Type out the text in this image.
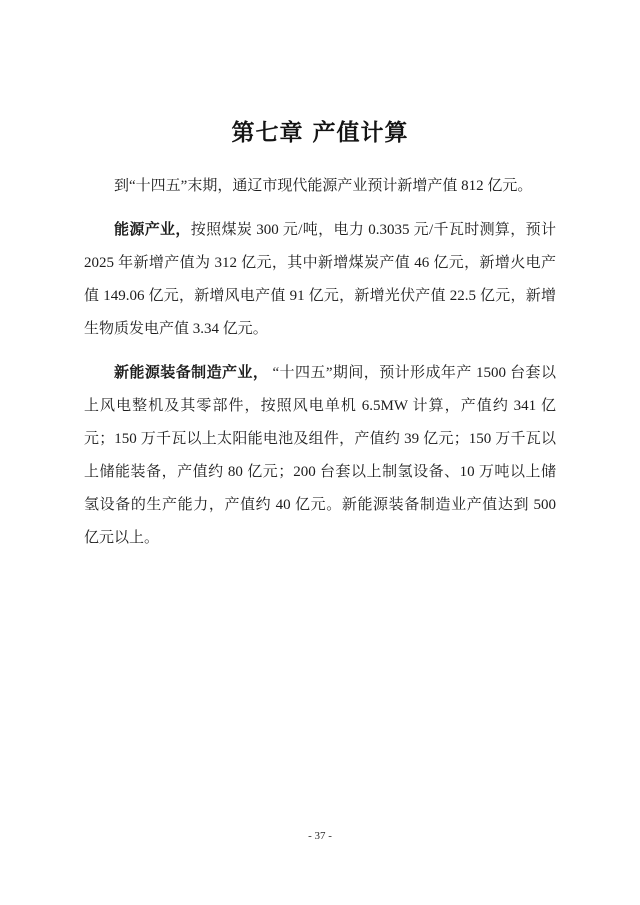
第七章 产值计算

到“十四五”末期，通辽市现代能源产业预计新增产值 812 亿元。

能源产业，按照煤炭 300 元/吨，电力 0.3035 元/千瓦时测算，预计 2025 年新增产值为 312 亿元，其中新增煤炭产值 46 亿元，新增火电产值 149.06 亿元，新增风电产值 91 亿元，新增光伏产值 22.5 亿元，新增生物质发电产值 3.34 亿元。

新能源装备制造产业， “十四五”期间，预计形成年产 1500 台套以上风电整机及其零部件，按照风电单机 6.5MW 计算，产值约 341 亿元；150 万千瓦以上太阳能电池及组件，产值约 39 亿元；150 万千瓦以上储能装备，产值约 80 亿元；200 台套以上制氢设备、10 万吨以上储氢设备的生产能力，产值约 40 亿元。新能源装备制造业产值达到 500 亿元以上。

- 37 -
